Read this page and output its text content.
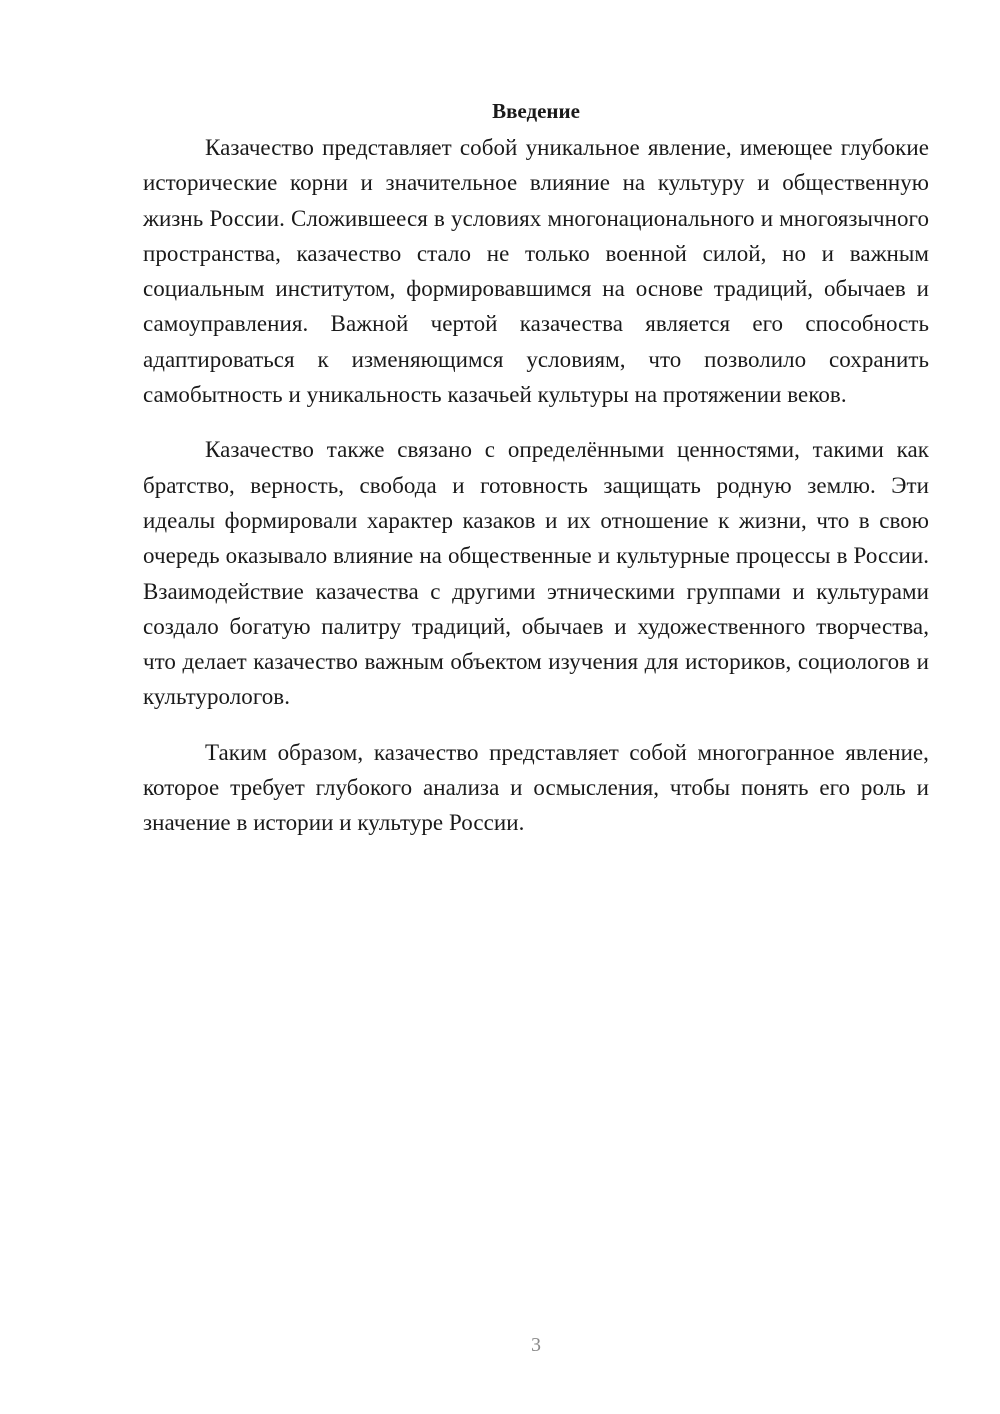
Введение

Казачество представляет собой уникальное явление, имеющее глубокие исторические корни и значительное влияние на культуру и общественную жизнь России. Сложившееся в условиях многонационального и многоязычного пространства, казачество стало не только военной силой, но и важным социальным институтом, формировавшимся на основе традиций, обычаев и самоуправления. Важной чертой казачества является его способность адаптироваться к изменяющимся условиям, что позволило сохранить самобытность и уникальность казачьей культуры на протяжении веков.

Казачество также связано с определёнными ценностями, такими как братство, верность, свобода и готовность защищать родную землю. Эти идеалы формировали характер казаков и их отношение к жизни, что в свою очередь оказывало влияние на общественные и культурные процессы в России. Взаимодействие казачества с другими этническими группами и культурами создало богатую палитру традиций, обычаев и художественного творчества, что делает казачество важным объектом изучения для историков, социологов и культурологов.

Таким образом, казачество представляет собой многогранное явление, которое требует глубокого анализа и осмысления, чтобы понять его роль и значение в истории и культуре России.

3
